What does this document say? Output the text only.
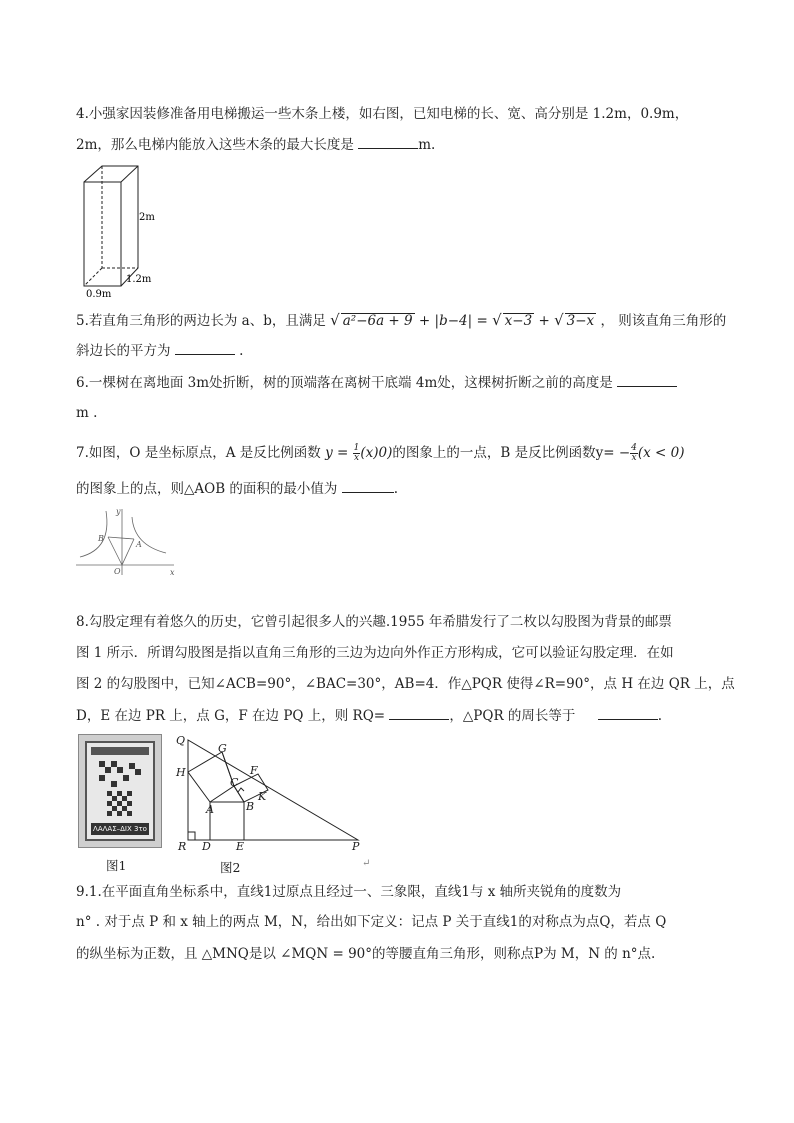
4.小强家因装修准备用电梯搬运一些木条上楼，如右图，已知电梯的长、宽、高分别是 1.2m，0.9m，
2m，那么电梯内能放入这些木条的最大长度是	m.
2m
1.2m
0.9m
5.若直角三角形的两边长为 a、b，且满足 √ a²−6a + 9 + |b−4| = √ x−3 + √ 3−x ， 则该直角三角形的
斜边长的平方为	.
6.一棵树在离地面 3m处折断，树的顶端落在离树干底端 4m处，这棵树折断之前的高度是
m .
7.如图，O 是坐标原点，A 是反比例函数 $y = \frac{1}{x} (x)0$)的图象上的一点，B 是反比例函数$y= - \frac{4}{x} (x < 0)$
的图象上的点，则△AOB 的面积的最小值为	.
x
y
O
A
B
8.勾股定理有着悠久的历史，它曾引起很多人的兴趣.1955 年希腊发行了二枚以勾股图为背景的邮票
图 1 所示．所谓勾股图是指以直角三角形的三边为边向外作正方形构成，它可以验证勾股定理．在如
图 2 的勾股图中，已知∠ACB=90°，∠BAC=30°，AB=4．作△PQR 使得∠R=90°，点 H 在边 QR 上，点
D，E 在边 PR 上，点 G，F 在边 PQ 上，则 RQ=	，△PQR 的周长等于	.
ΛΑΛΑΣ–ΔΙΧ 3το
图1
Q
G
F
H
C
K
A	B
R D E	P
图2	↵
9.1.在平面直角坐标系中，直线1过原点且经过一、三象限，直线1与 x 轴所夹锐角的度数为
n° . 对于点 P 和 x 轴上的两点 M，N，给出如下定义：记点 P 关于直线1的对称点为点Q，若点 Q
的纵坐标为正数，且 △MNQ是以 ∠MQN = 90°的等腰直角三角形，则称点P为 M，N 的 n°点.
